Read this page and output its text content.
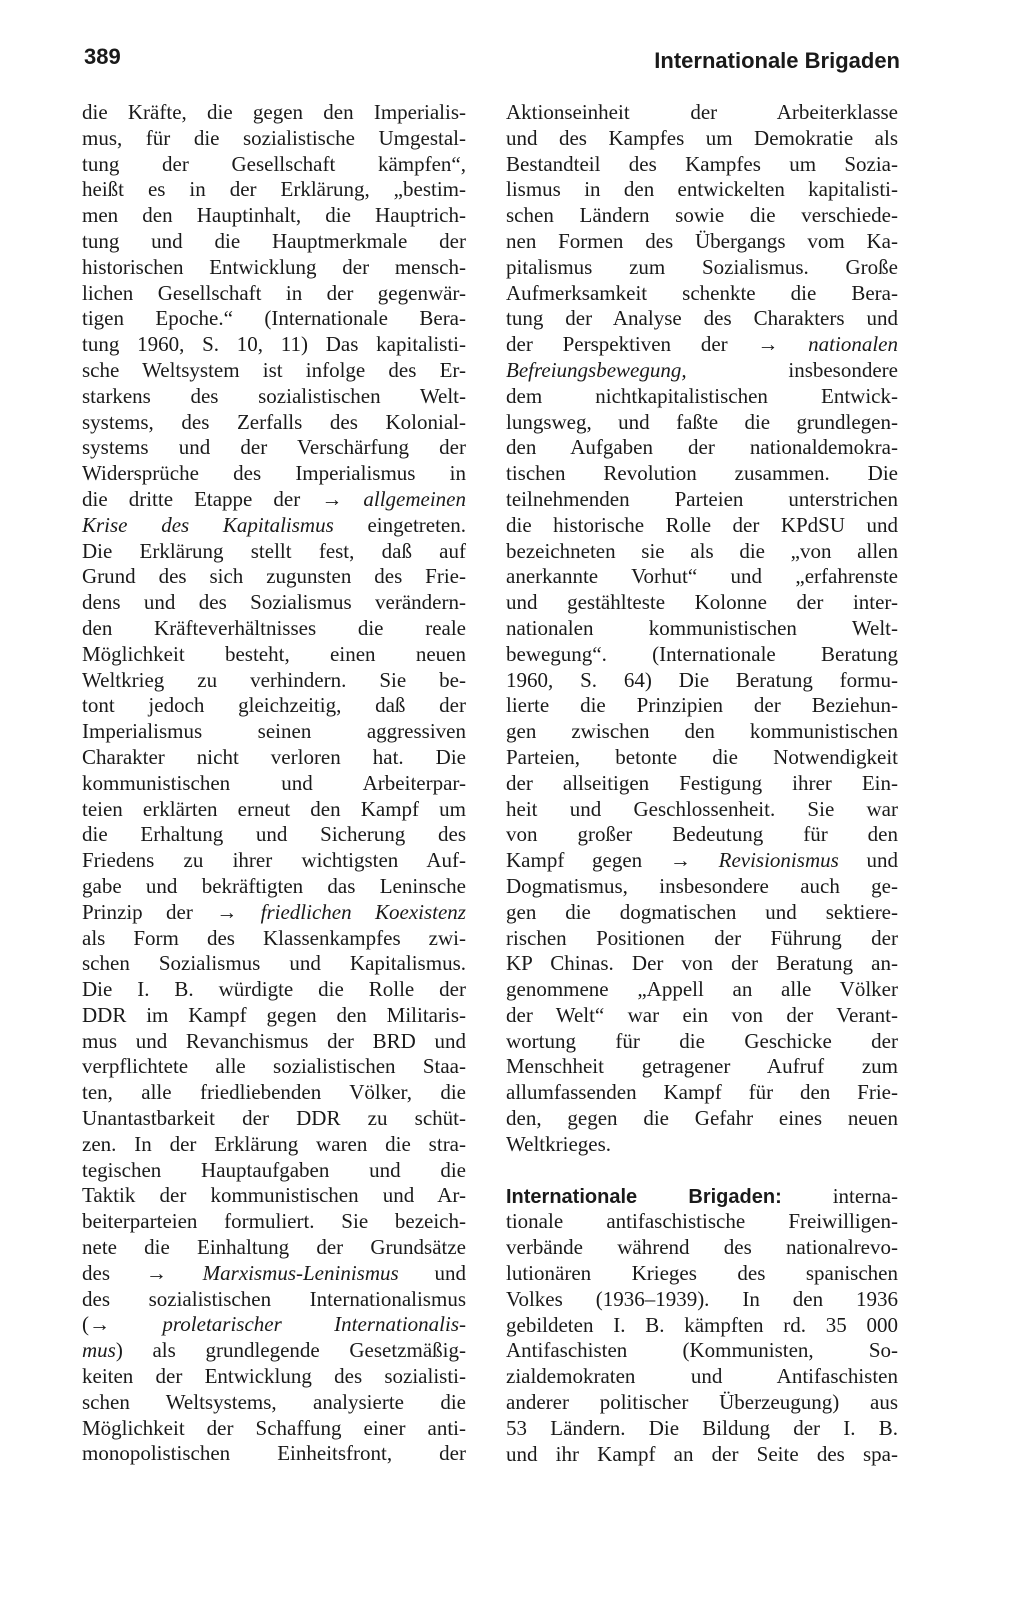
389	Internationale Brigaden
die Kräfte, die gegen den Imperialis-
mus, für die sozialistische Umgestal-
tung der Gesellschaft kämpfen“,
heißt es in der Erklärung, „bestim-
men den Hauptinhalt, die Hauptrich-
tung und die Hauptmerkmale der
historischen Entwicklung der mensch-
lichen Gesellschaft in der gegenwär-
tigen Epoche.“ (Internationale Bera-
tung 1960, S. 10, 11) Das kapitalisti-
sche Weltsystem ist infolge des Er-
starkens des sozialistischen Welt-
systems, des Zerfalls des Kolonial-
systems und der Verschärfung der
Widersprüche des Imperialismus in
die dritte Etappe der → allgemeinen
Krise des Kapitalismus eingetreten.
Die Erklärung stellt fest, daß auf
Grund des sich zugunsten des Frie-
dens und des Sozialismus verändern-
den Kräfteverhältnisses die reale
Möglichkeit besteht, einen neuen
Weltkrieg zu verhindern. Sie be-
tont jedoch gleichzeitig, daß der
Imperialismus seinen aggressiven
Charakter nicht verloren hat. Die
kommunistischen und Arbeiterpar-
teien erklärten erneut den Kampf um
die Erhaltung und Sicherung des
Friedens zu ihrer wichtigsten Auf-
gabe und bekräftigten das Leninsche
Prinzip der → friedlichen Koexistenz
als Form des Klassenkampfes zwi-
schen Sozialismus und Kapitalismus.
Die I. B. würdigte die Rolle der
DDR im Kampf gegen den Militaris-
mus und Revanchismus der BRD und
verpflichtete alle sozialistischen Staa-
ten, alle friedliebenden Völker, die
Unantastbarkeit der DDR zu schüt-
zen. In der Erklärung waren die stra-
tegischen Hauptaufgaben und die
Taktik der kommunistischen und Ar-
beiterparteien formuliert. Sie bezeich-
nete die Einhaltung der Grundsätze
des → Marxismus-Leninismus und
des sozialistischen Internationalismus
(→ proletarischer Internationalis-
mus) als grundlegende Gesetzmäßig-
keiten der Entwicklung des sozialisti-
schen Weltsystems, analysierte die
Möglichkeit der Schaffung einer anti-
monopolistischen Einheitsfront, der
Aktionseinheit der Arbeiterklasse
und des Kampfes um Demokratie als
Bestandteil des Kampfes um Sozia-
lismus in den entwickelten kapitalisti-
schen Ländern sowie die verschiede-
nen Formen des Übergangs vom Ka-
pitalismus zum Sozialismus. Große
Aufmerksamkeit schenkte die Bera-
tung der Analyse des Charakters und
der Perspektiven der → nationalen
Befreiungsbewegung, insbesondere
dem nichtkapitalistischen Entwick-
lungsweg, und faßte die grundlegen-
den Aufgaben der nationaldemokra-
tischen Revolution zusammen. Die
teilnehmenden Parteien unterstrichen
die historische Rolle der KPdSU und
bezeichneten sie als die „von allen
anerkannte Vorhut“ und „erfahrenste
und gestählteste Kolonne der inter-
nationalen kommunistischen Welt-
bewegung“. (Internationale Beratung
1960, S. 64) Die Beratung formu-
lierte die Prinzipien der Beziehun-
gen zwischen den kommunistischen
Parteien, betonte die Notwendigkeit
der allseitigen Festigung ihrer Ein-
heit und Geschlossenheit. Sie war
von großer Bedeutung für den
Kampf gegen → Revisionismus und
Dogmatismus, insbesondere auch ge-
gen die dogmatischen und sektiere-
rischen Positionen der Führung der
KP Chinas. Der von der Beratung an-
genommene „Appell an alle Völker
der Welt“ war ein von der Verant-
wortung für die Geschicke der
Menschheit getragener Aufruf zum
allumfassenden Kampf für den Frie-
den, gegen die Gefahr eines neuen
Weltkrieges.
Internationale Brigaden: interna-
tionale antifaschistische Freiwilligen-
verbände während des nationalrevo-
lutionären Krieges des spanischen
Volkes (1936–1939). In den 1936
gebildeten I. B. kämpften rd. 35 000
Antifaschisten (Kommunisten, So-
zialdemokraten und Antifaschisten
anderer politischer Überzeugung) aus
53 Ländern. Die Bildung der I. B.
und ihr Kampf an der Seite des spa-
